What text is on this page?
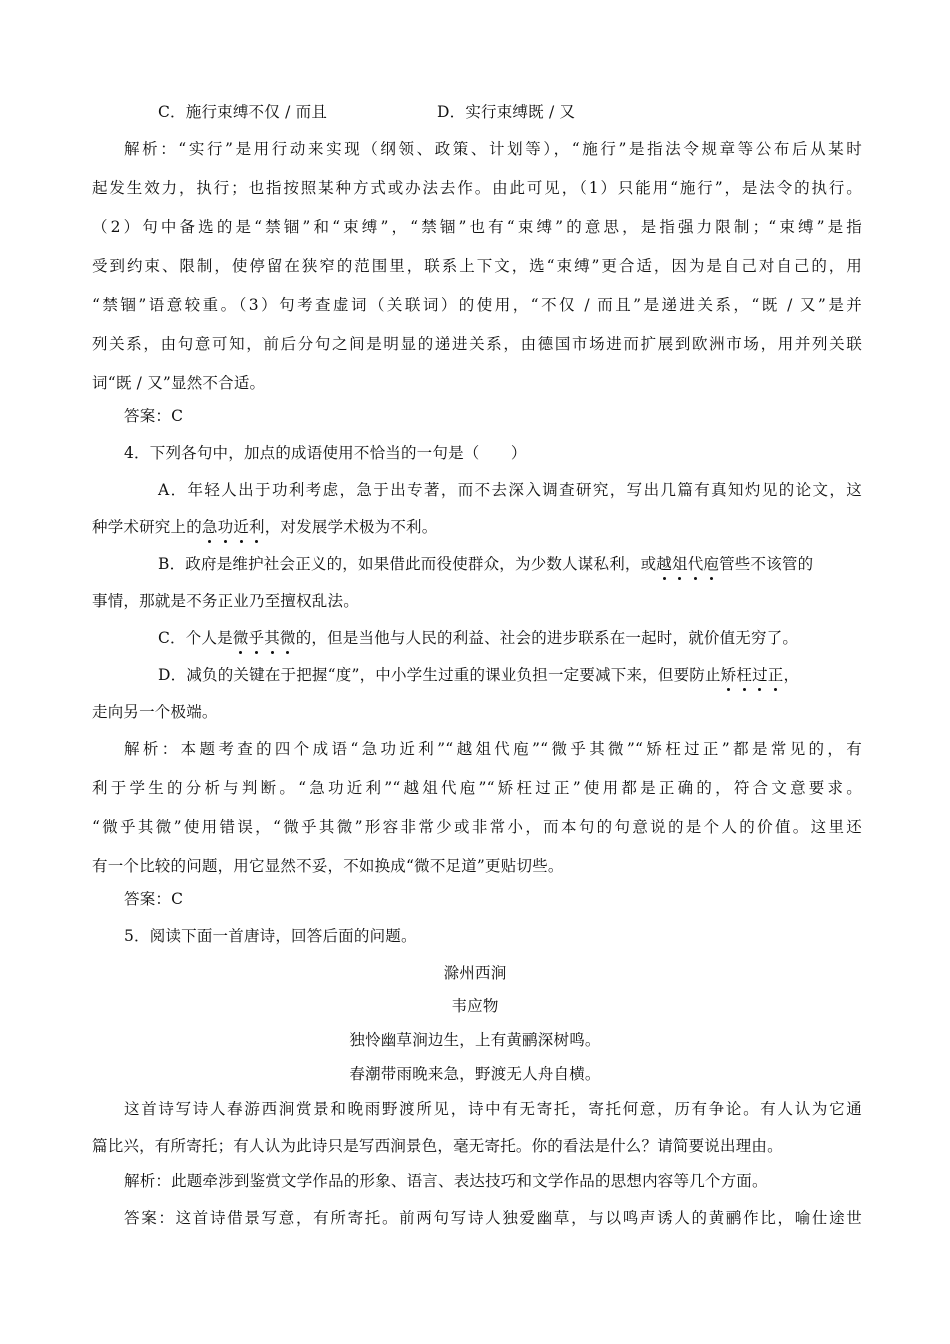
C．施行束缚不仅 / 而且	D．实行束缚既 / 又
解析：“实行”是用行动来实现（纲领、政策、计划等），“施行”是指法令规章等公布后从某时
起发生效力，执行；也指按照某种方式或办法去作。由此可见，（1）只能用“施行”，是法令的执行。
（2）句中备选的是“禁锢”和“束缚”，“禁锢”也有“束缚”的意思，是指强力限制；“束缚”是指
受到约束、限制，使停留在狭窄的范围里，联系上下文，选“束缚”更合适，因为是自己对自己的，用
“禁锢”语意较重。（3）句考查虚词（关联词）的使用，“不仅 / 而且”是递进关系，“既 / 又”是并
列关系，由句意可知，前后分句之间是明显的递进关系，由德国市场进而扩展到欧洲市场，用并列关联
词“既 / 又”显然不合适。
答案：C
4．下列各句中，加点的成语使用不恰当的一句是（　　）
A．年轻人出于功利考虑，急于出专著，而不去深入调查研究，写出几篇有真知灼见的论文，这
种学术研究上的急功近利，对发展学术极为不利。
B．政府是维护社会正义的，如果借此而役使群众，为少数人谋私利，或越俎代庖管些不该管的
事情，那就是不务正业乃至擅权乱法。
C．个人是微乎其微的，但是当他与人民的利益、社会的进步联系在一起时，就价值无穷了。
D．减负的关键在于把握“度”，中小学生过重的课业负担一定要减下来，但要防止矫枉过正，
走向另一个极端。
解析：本题考查的四个成语“急功近利”“越俎代庖”“微乎其微”“矫枉过正”都是常见的，有
利于学生的分析与判断。“急功近利”“越俎代庖”“矫枉过正”使用都是正确的，符合文意要求。
“微乎其微”使用错误，“微乎其微”形容非常少或非常小，而本句的句意说的是个人的价值。这里还
有一个比较的问题，用它显然不妥，不如换成“微不足道”更贴切些。
答案：C
5．阅读下面一首唐诗，回答后面的问题。
滁州西涧
韦应物
独怜幽草涧边生，上有黄鹂深树鸣。
春潮带雨晚来急，野渡无人舟自横。
这首诗写诗人春游西涧赏景和晚雨野渡所见，诗中有无寄托，寄托何意，历有争论。有人认为它通
篇比兴，有所寄托；有人认为此诗只是写西涧景色，毫无寄托。你的看法是什么？请简要说出理由。
解析：此题牵涉到鉴赏文学作品的形象、语言、表达技巧和文学作品的思想内容等几个方面。
答案：这首诗借景写意，有所寄托。前两句写诗人独爱幽草，与以鸣声诱人的黄鹂作比，喻仕途世
